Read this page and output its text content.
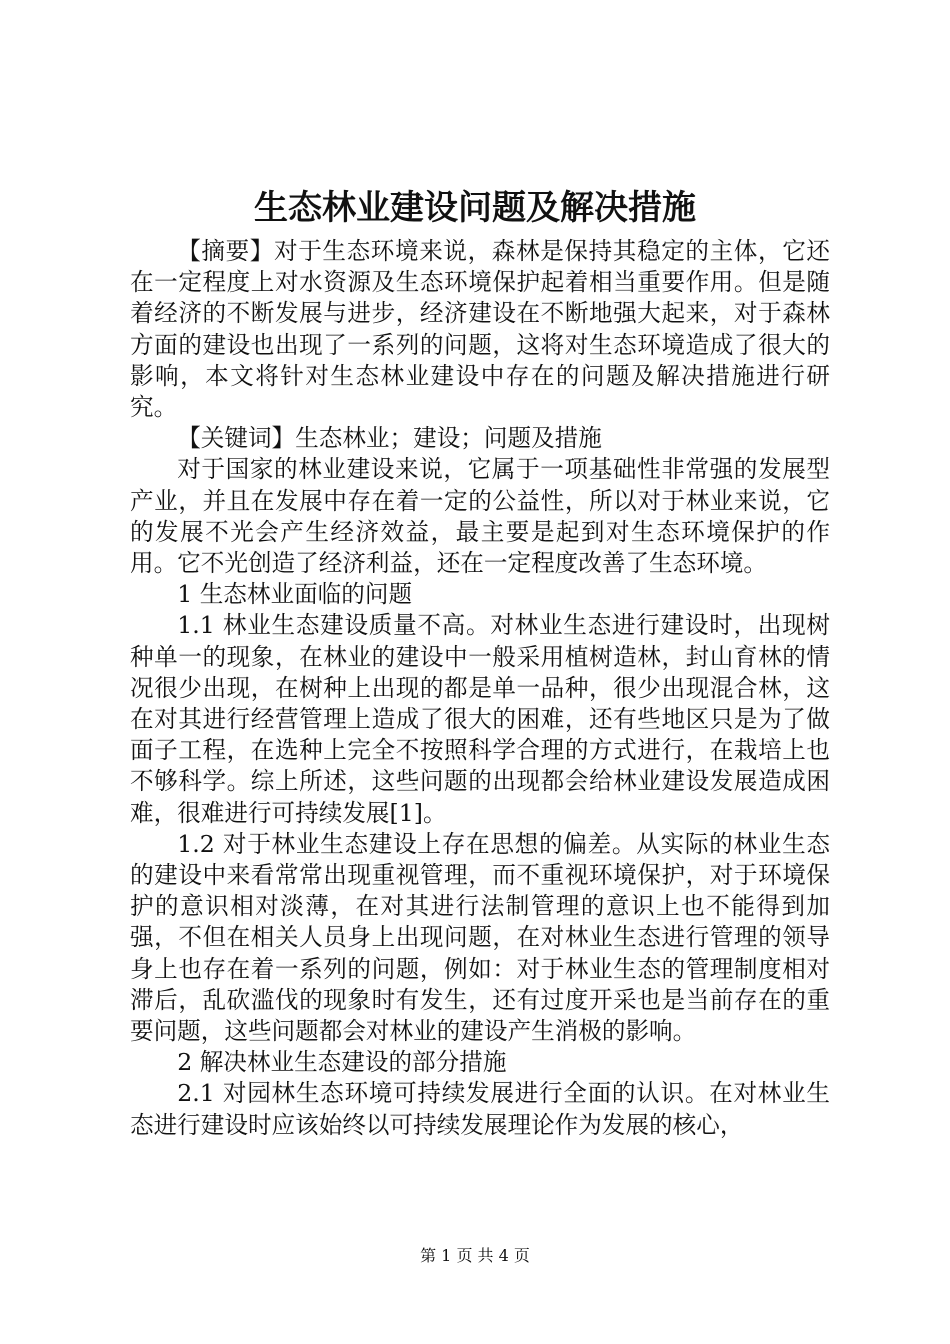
生态林业建设问题及解决措施

【摘要】对于生态环境来说，森林是保持其稳定的主体，它还在一定程度上对水资源及生态环境保护起着相当重要作用。但是随着经济的不断发展与进步，经济建设在不断地强大起来，对于森林方面的建设也出现了一系列的问题，这将对生态环境造成了很大的影响，本文将针对生态林业建设中存在的问题及解决措施进行研究。

【关键词】生态林业；建设；问题及措施

对于国家的林业建设来说，它属于一项基础性非常强的发展型产业，并且在发展中存在着一定的公益性，所以对于林业来说，它的发展不光会产生经济效益，最主要是起到对生态环境保护的作用。它不光创造了经济利益，还在一定程度改善了生态环境。

1 生态林业面临的问题

1.1 林业生态建设质量不高。对林业生态进行建设时，出现树种单一的现象，在林业的建设中一般采用植树造林，封山育林的情况很少出现，在树种上出现的都是单一品种，很少出现混合林，这在对其进行经营管理上造成了很大的困难，还有些地区只是为了做面子工程，在选种上完全不按照科学合理的方式进行，在栽培上也不够科学。综上所述，这些问题的出现都会给林业建设发展造成困难，很难进行可持续发展[1]。

1.2 对于林业生态建设上存在思想的偏差。从实际的林业生态的建设中来看常常出现重视管理，而不重视环境保护，对于环境保护的意识相对淡薄，在对其进行法制管理的意识上也不能得到加强，不但在相关人员身上出现问题，在对林业生态进行管理的领导身上也存在着一系列的问题，例如：对于林业生态的管理制度相对滞后，乱砍滥伐的现象时有发生，还有过度开采也是当前存在的重要问题，这些问题都会对林业的建设产生消极的影响。

2 解决林业生态建设的部分措施

2.1 对园林生态环境可持续发展进行全面的认识。在对林业生态进行建设时应该始终以可持续发展理论作为发展的核心，

第 1 页 共 4 页
